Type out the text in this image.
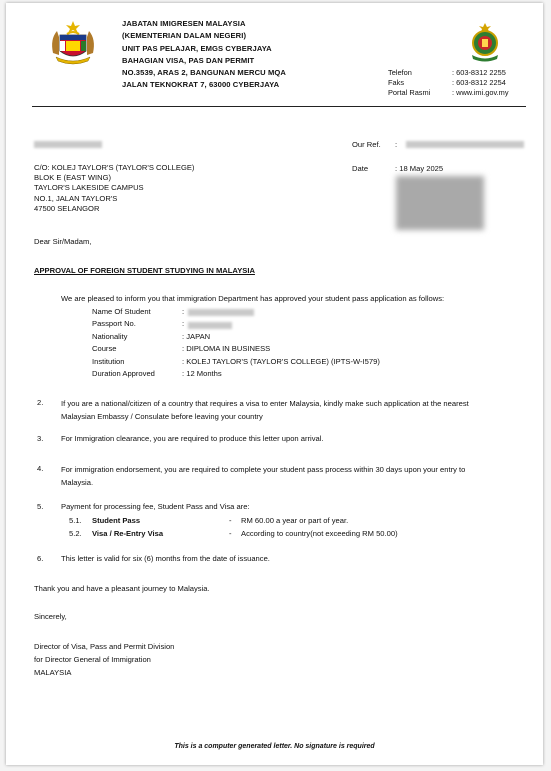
JABATAN IMIGRESEN MALAYSIA
(KEMENTERIAN DALAM NEGERI)
UNIT PAS PELAJAR, EMGS CYBERJAYA
BAHAGIAN VISA, PAS DAN PERMIT
NO.3539, ARAS 2, BANGUNAN MERCU MQA
JALAN TEKNOKRAT 7, 63000 CYBERJAYA
Telefon
Faks
Portal Rasmi
: 603-8312 2255
: 603-8312 2254
: www.imi.gov.my
Our Ref. :
Date	: 18 May 2025
C/O: KOLEJ TAYLOR'S (TAYLOR'S COLLEGE)
BLOK E (EAST WING)
TAYLOR'S LAKESIDE CAMPUS
NO.1, JALAN TAYLOR'S
47500 SELANGOR
Dear Sir/Madam,
APPROVAL OF FOREIGN STUDENT STUDYING IN MALAYSIA
We are pleased to inform you that immigration Department has approved your student pass application as follows:
Name Of Student
Passport No.
Nationality
Course
Institution
Duration Approved
:
:
: JAPAN
: DIPLOMA IN BUSINESS
: KOLEJ TAYLOR'S (TAYLOR'S COLLEGE) (IPTS-W-I579)
: 12 Months
2. If you are a national/citizen of a country that requires a visa to enter Malaysia, kindly make such application at the nearest
Malaysian Embassy / Consulate before leaving your country
3. For Immigration clearance, you are required to produce this letter upon arrival.
4. For immigration endorsement, you are required to complete your student pass process within 30 days upon your entry to
Malaysia.
5. Payment for processing fee, Student Pass and Visa are:
5.1.
5.2.
Student Pass
Visa / Re-Entry Visa
-
-
RM 60.00 a year or part of year.
According to country(not exceeding RM 50.00)
6. This letter is valid for six (6) months from the date of issuance.
Thank you and have a pleasant journey to Malaysia.
Sincerely,
Director of Visa, Pass and Permit Division
for Director General of Immigration
MALAYSIA
This is a computer generated letter. No signature is required
